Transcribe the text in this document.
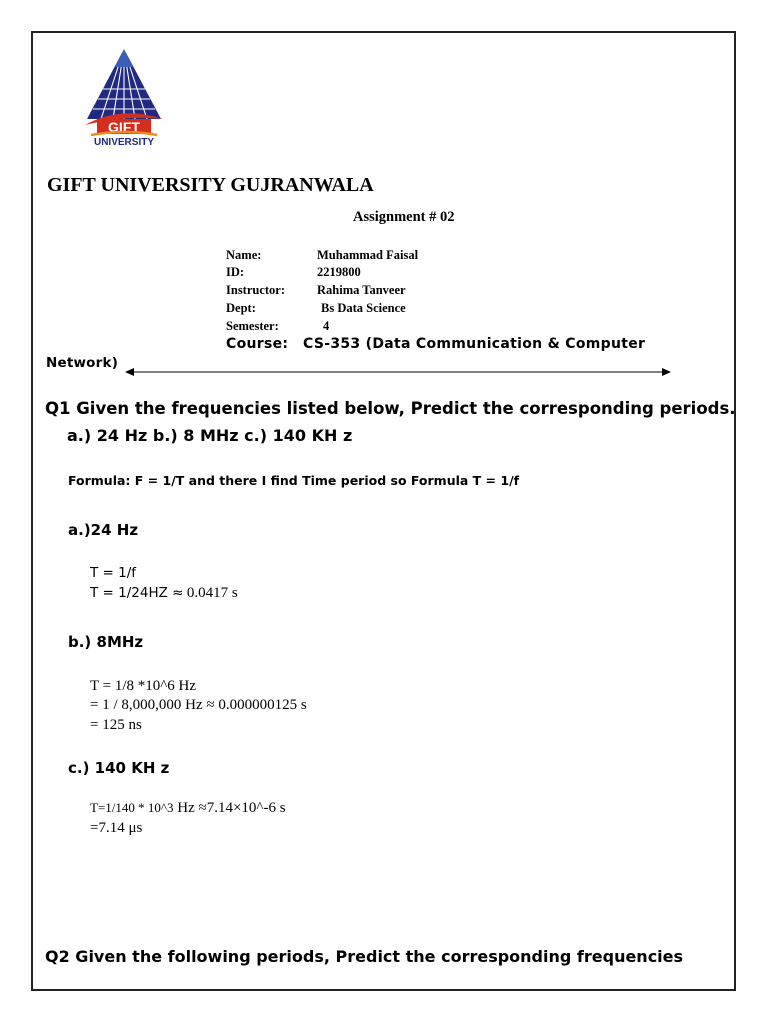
GIFT
UNIVERSITY
GIFT UNIVERSITY GUJRANWALA
Assignment # 02
Name:	Muhammad Faisal
ID:	2219800
Instructor:	Rahima Tanveer
Dept:	Bs Data Science
Semester:	4
Course: CS-353 (Data Communication & Computer
Network)
Q1 Given the frequencies listed below, Predict the corresponding periods.
a.) 24 Hz b.) 8 MHz c.) 140 KH z
Formula: F = 1/T and there I find Time period so Formula T = 1/f
a.)24 Hz
T = 1/f
T = 1/24HZ ≈ 0.0417 s
b.) 8MHz
T = 1/8 *10^6 Hz
= 1 / 8,000,000 Hz ≈ 0.000000125 s
= 125 ns
c.) 140 KH z
T=1/140 * 10^3 Hz ≈7.14×10^-6 s
=7.14 μs
Q2 Given the following periods, Predict the corresponding frequencies
